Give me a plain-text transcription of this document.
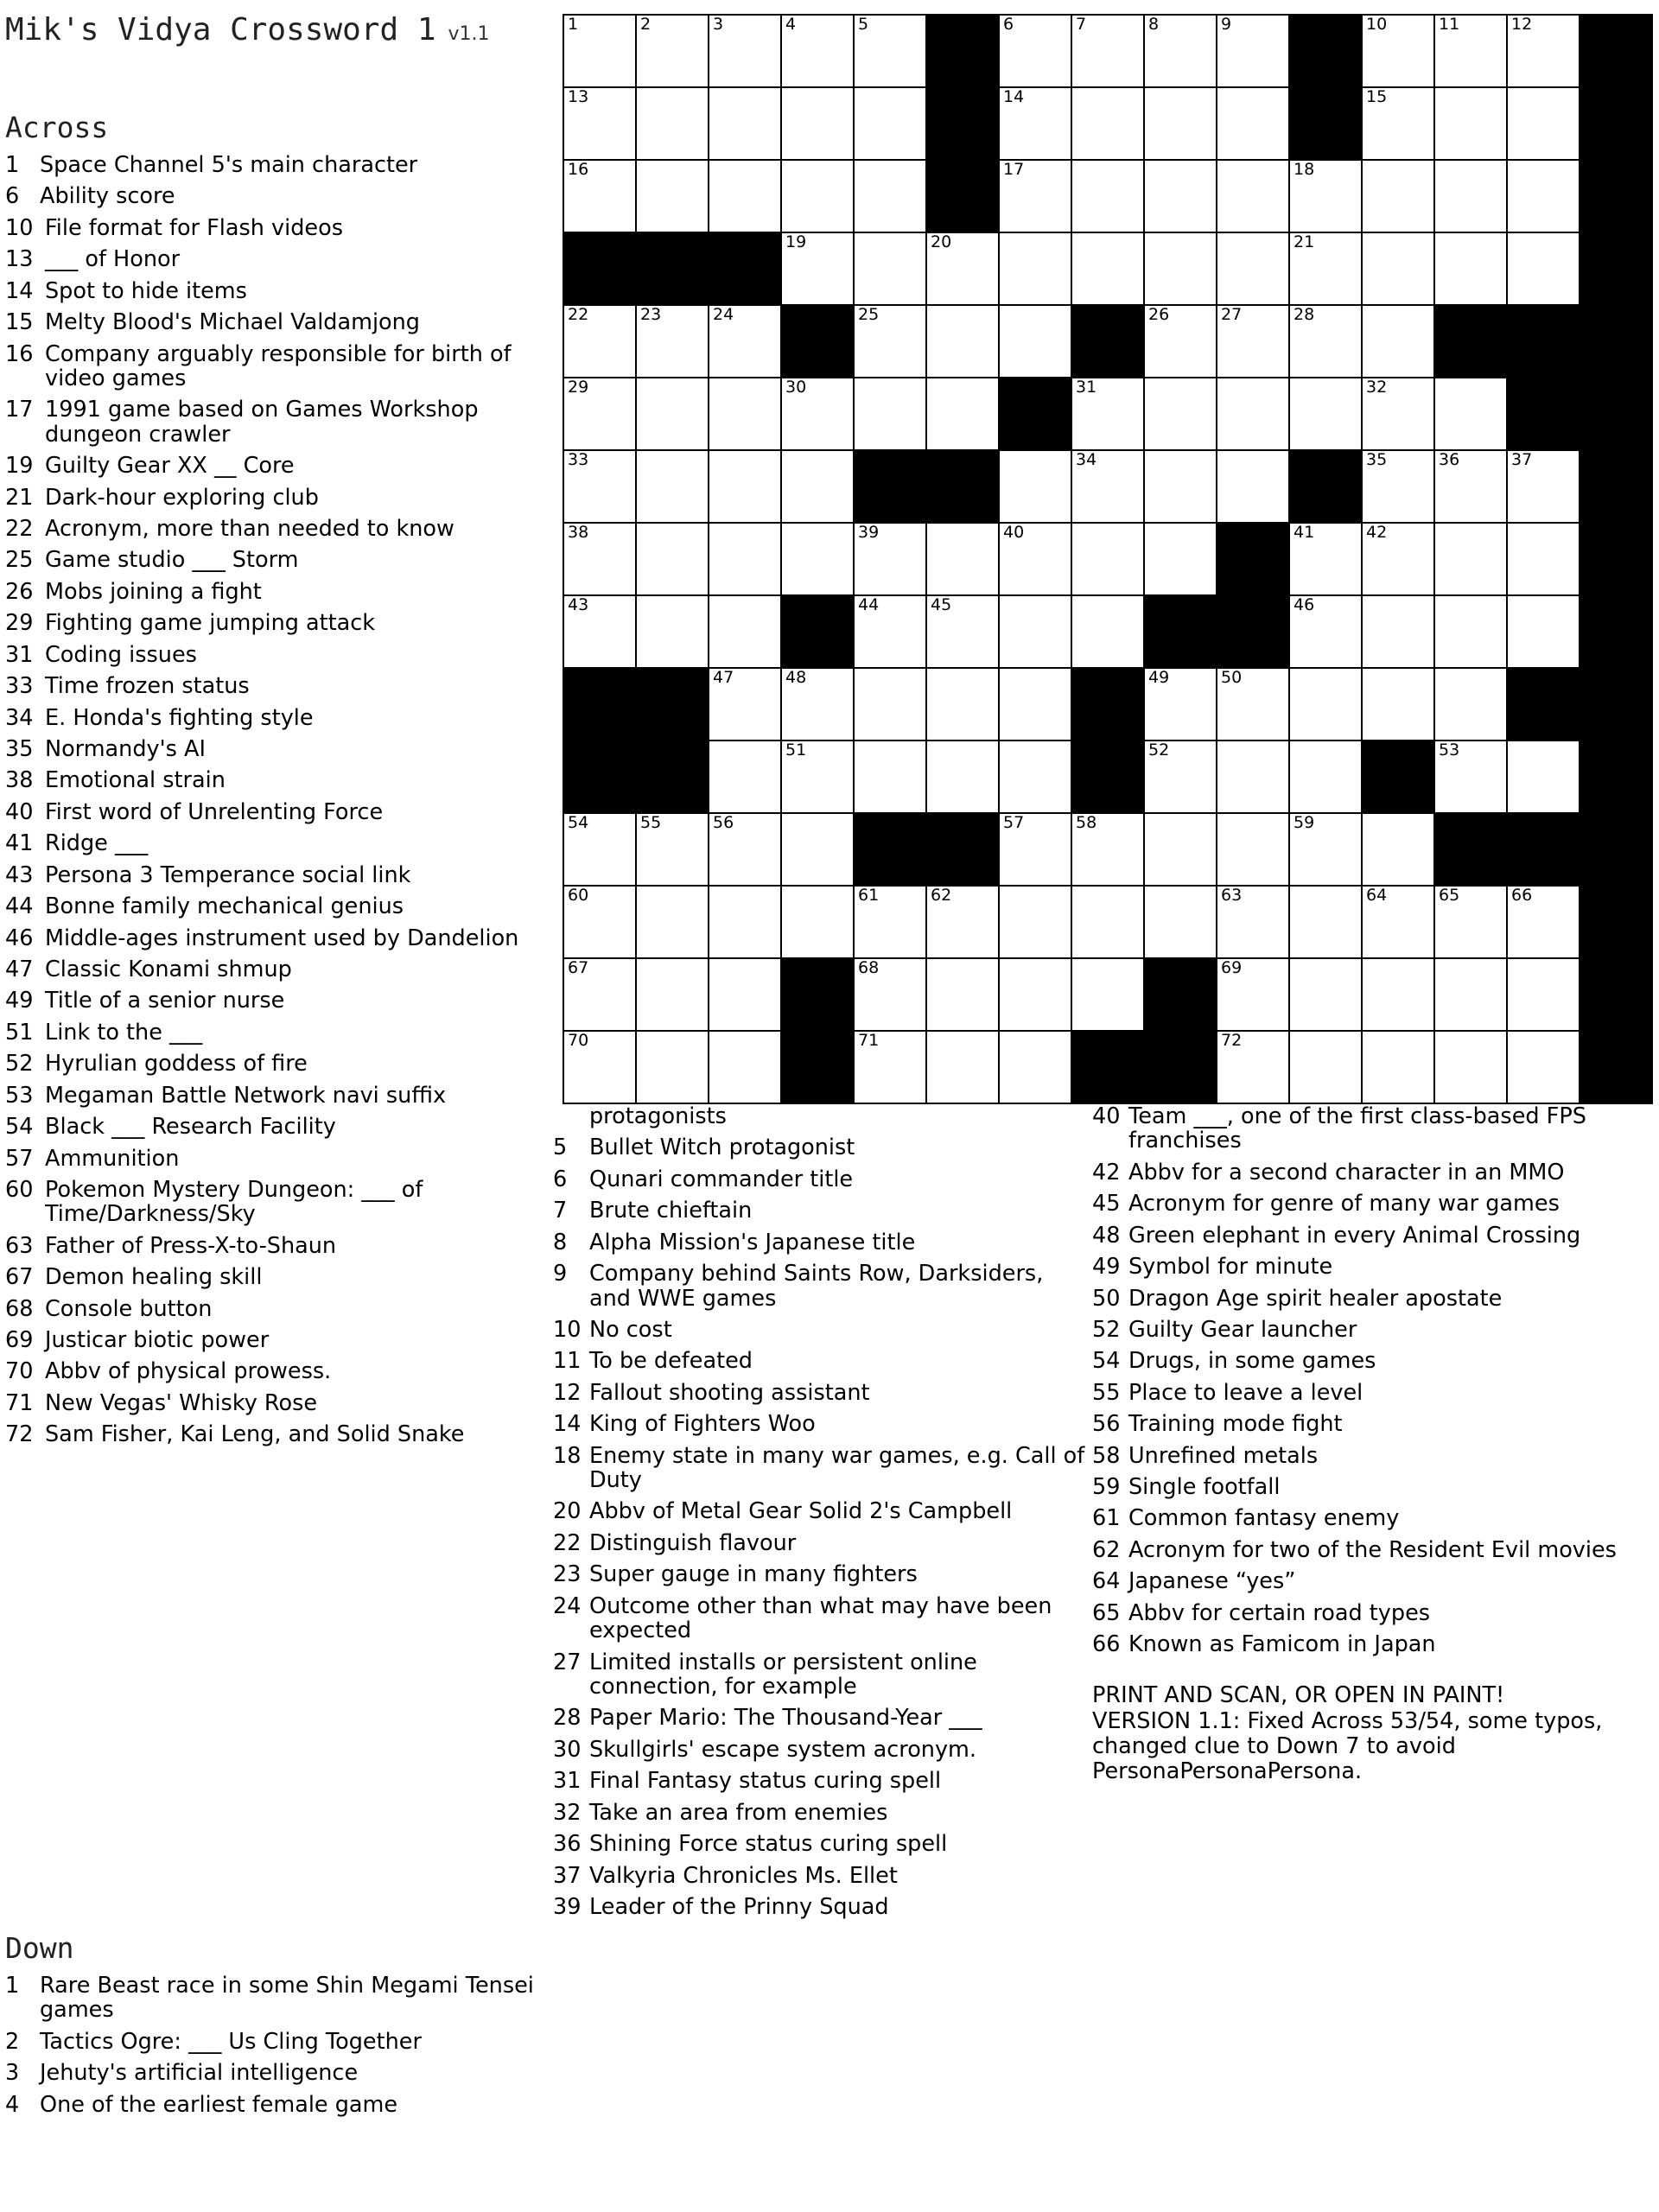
Mik's Vidya Crossword 1 v1.1
Across
1 Space Channel 5's main character
6 Ability score
10 File format for Flash videos
13 ___ of Honor
14 Spot to hide items
15 Melty Blood's Michael Valdamjong
16 Company arguably responsible for birth of video games
17 1991 game based on Games Workshop dungeon crawler
19 Guilty Gear XX __ Core
21 Dark-hour exploring club
22 Acronym, more than needed to know
25 Game studio ___ Storm
26 Mobs joining a fight
29 Fighting game jumping attack
31 Coding issues
33 Time frozen status
34 E. Honda's fighting style
35 Normandy's AI
38 Emotional strain
40 First word of Unrelenting Force
41 Ridge ___
43 Persona 3 Temperance social link
44 Bonne family mechanical genius
46 Middle-ages instrument used by Dandelion
47 Classic Konami shmup
49 Title of a senior nurse
51 Link to the ___
52 Hyrulian goddess of fire
53 Megaman Battle Network navi suffix
54 Black ___ Research Facility
57 Ammunition
60 Pokemon Mystery Dungeon: ___ of Time/Darkness/Sky
63 Father of Press-X-to-Shaun
67 Demon healing skill
68 Console button
69 Justicar biotic power
70 Abbv of physical prowess.
71 New Vegas' Whisky Rose
72 Sam Fisher, Kai Leng, and Solid Snake
Down
1 Rare Beast race in some Shin Megami Tensei games
2 Tactics Ogre: ___ Us Cling Together
3 Jehuty's artificial intelligence
4 One of the earliest female game
protagonists
5	Bullet Witch protagonist
6	Qunari commander title
7	Brute chieftain
8	Alpha Mission's Japanese title
9	Company behind Saints Row, Darksiders, and WWE games
10 No cost
11 To be defeated
12 Fallout shooting assistant
14 King of Fighters Woo
18 Enemy state in many war games, e.g. Call of Duty
20 Abbv of Metal Gear Solid 2's Campbell
22 Distinguish flavour
23 Super gauge in many fighters
24 Outcome other than what may have been expected
27 Limited installs or persistent online connection, for example
28 Paper Mario: The Thousand-Year ___
30 Skullgirls' escape system acronym.
31 Final Fantasy status curing spell
32 Take an area from enemies
36 Shining Force status curing spell
37 Valkyria Chronicles Ms. Ellet
39 Leader of the Prinny Squad
40 Team ___, one of the first class-based FPS franchises
42 Abbv for a second character in an MMO
45 Acronym for genre of many war games
48 Green elephant in every Animal Crossing
49 Symbol for minute
50 Dragon Age spirit healer apostate
52 Guilty Gear launcher
54 Drugs, in some games
55 Place to leave a level
56 Training mode fight
58 Unrefined metals
59 Single footfall
61 Common fantasy enemy
62 Acronym for two of the Resident Evil movies
64 Japanese “yes”
65 Abbv for certain road types
66 Known as Famicom in Japan

PRINT AND SCAN, OR OPEN IN PAINT!

VERSION 1.1: Fixed Across 53/54, some typos, changed clue to Down 7 to avoid PersonaPersonaPersona.

1	2	3	4	5		6	7	8	9		10	11	12	

13						14					15			

16						17				18				

			19		20					21				

22	23	24		25				26	27	28				

29			30				31				32			

33							34				35	36	37	

38				39		40				41	42			

43				44	45					46				

		47	48					49	50					

			51					52				53		

54	55	56				57	58			59				

60				61	62				63		64	65	66	

67				68					69					

70				71					72					
